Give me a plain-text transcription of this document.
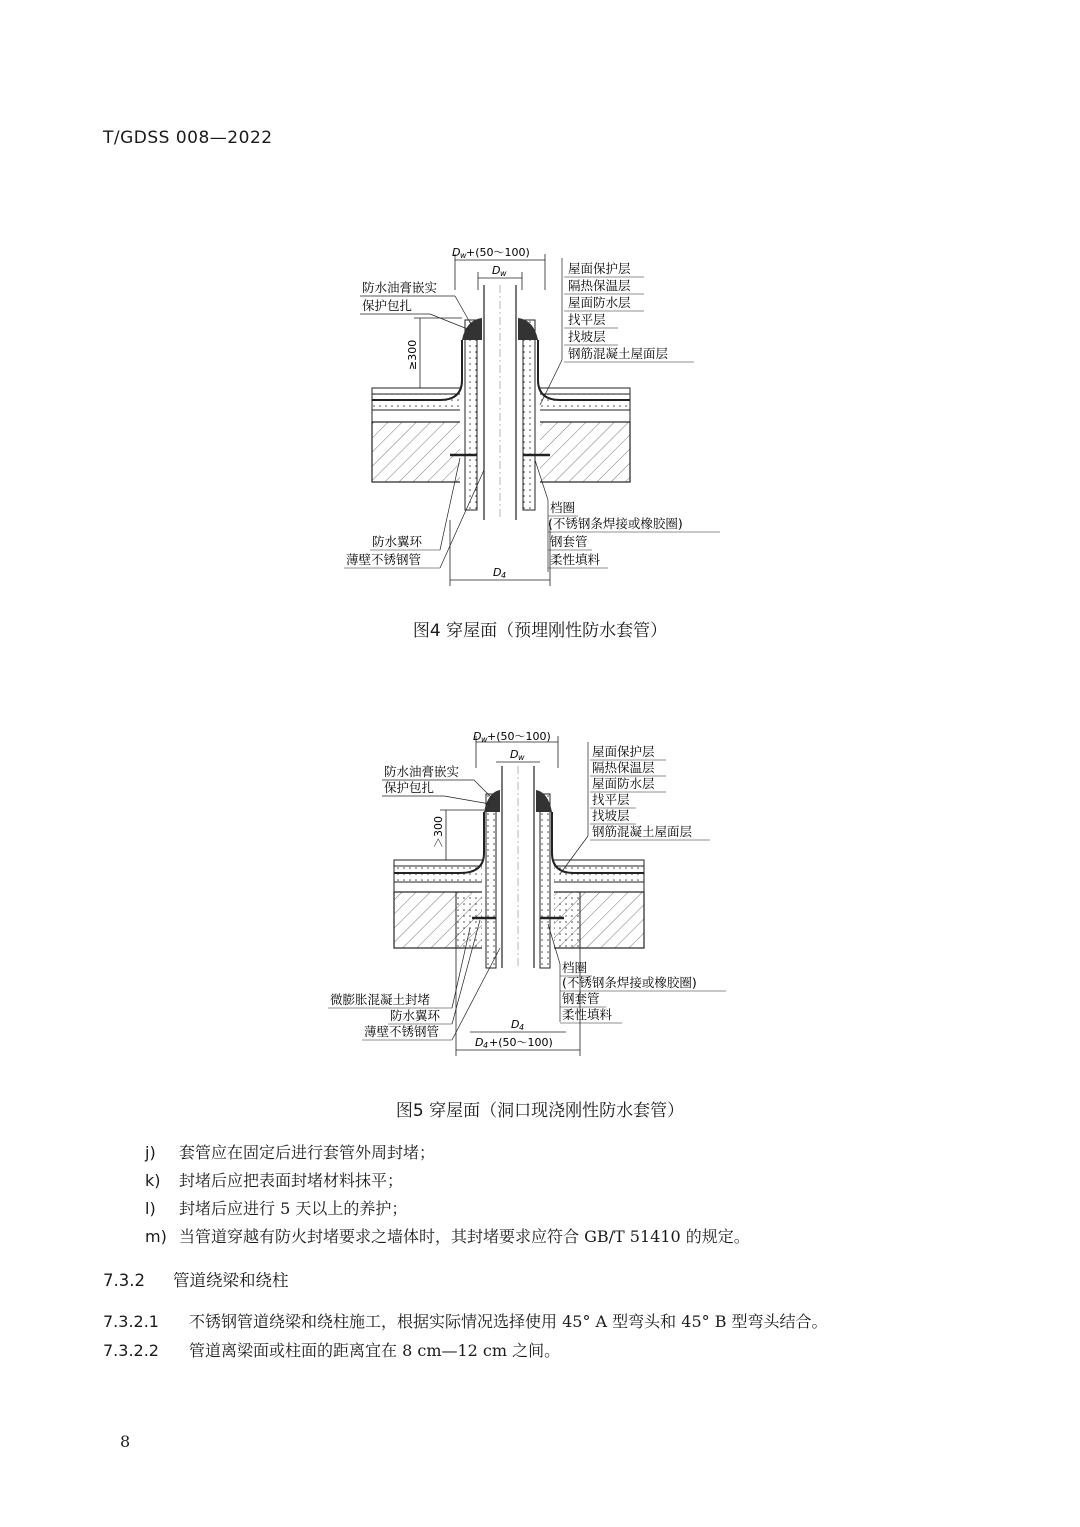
T/GDSS 008—2022
D w +(50～100)
D w
≥300
D 4
防水油膏嵌实
保护包扎
屋面保护层
隔热保温层
屋面防水层
找平层
找坡层
钢筋混凝土屋面层
档圈
(不锈钢条焊接或橡胶圈)
钢套管
柔性填料
防水翼环
薄壁不锈钢管
图4 穿屋面（预埋刚性防水套管）
D w +(50～100)
D w
＞300
D 4
D 4 +(50～100)
防水油膏嵌实
保护包扎
屋面保护层
隔热保温层
屋面防水层
找平层
找坡层
钢筋混凝土屋面层
档圈
(不锈钢条焊接或橡胶圈)
钢套管
柔性填料
微膨胀混凝土封堵
防水翼环
薄壁不锈钢管
图5 穿屋面（洞口现浇刚性防水套管）
j) 套管应在固定后进行套管外周封堵；
k) 封堵后应把表面封堵材料抹平；
l) 封堵后应进行 5 天以上的养护；
m) 当管道穿越有防火封堵要求之墙体时，其封堵要求应符合 GB/T 51410 的规定。
7.3.2 管道绕梁和绕柱
7.3.2.1 不锈钢管道绕梁和绕柱施工，根据实际情况选择使用 45° A 型弯头和 45° B 型弯头结合。
7.3.2.2 管道离梁面或柱面的距离宜在 8 cm—12 cm 之间。
8
